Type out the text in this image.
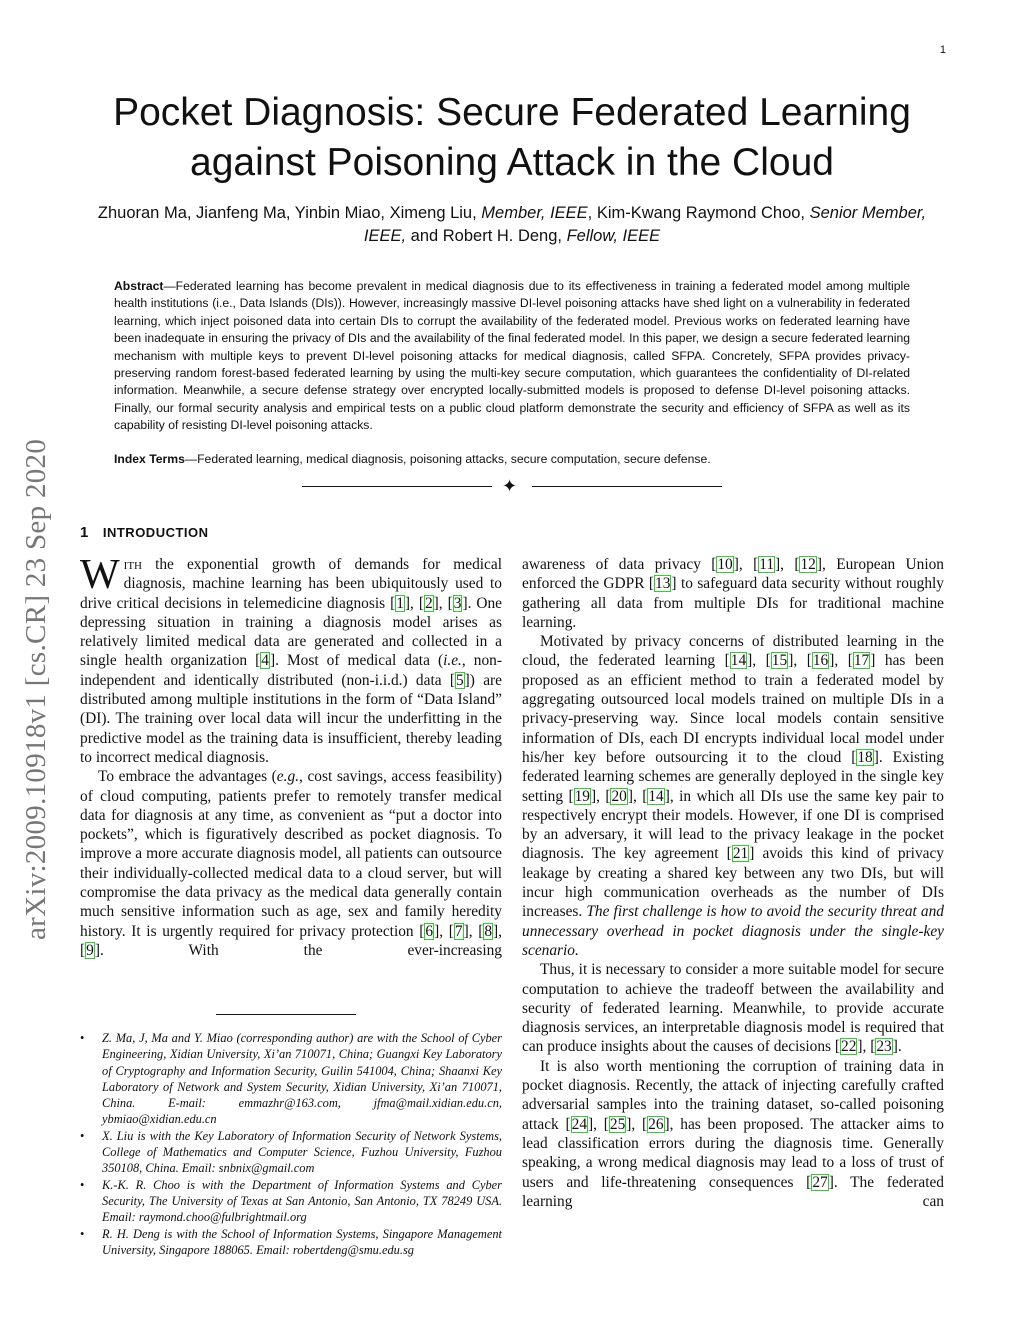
1
Pocket Diagnosis: Secure Federated Learning against Poisoning Attack in the Cloud
Zhuoran Ma, Jianfeng Ma, Yinbin Miao, Ximeng Liu, Member, IEEE, Kim-Kwang Raymond Choo, Senior Member, IEEE, and Robert H. Deng, Fellow, IEEE
Abstract—Federated learning has become prevalent in medical diagnosis due to its effectiveness in training a federated model among multiple health institutions (i.e., Data Islands (DIs)). However, increasingly massive DI-level poisoning attacks have shed light on a vulnerability in federated learning, which inject poisoned data into certain DIs to corrupt the availability of the federated model. Previous works on federated learning have been inadequate in ensuring the privacy of DIs and the availability of the final federated model. In this paper, we design a secure federated learning mechanism with multiple keys to prevent DI-level poisoning attacks for medical diagnosis, called SFPA. Concretely, SFPA provides privacy-preserving random forest-based federated learning by using the multi-key secure computation, which guarantees the confidentiality of DI-related information. Meanwhile, a secure defense strategy over encrypted locally-submitted models is proposed to defense DI-level poisoning attacks. Finally, our formal security analysis and empirical tests on a public cloud platform demonstrate the security and efficiency of SFPA as well as its capability of resisting DI-level poisoning attacks.
Index Terms—Federated learning, medical diagnosis, poisoning attacks, secure computation, secure defense.
✦
arXiv:2009.10918v1 [cs.CR] 23 Sep 2020 1 INTRODUCTION

With the exponential growth of demands for medical diagnosis, machine learning has been ubiquitously used to drive critical decisions in telemedicine diagnosis [1], [2], [3]. One depressing situation in training a diagnosis model arises as relatively limited medical data are generated and collected in a single health organization [4]. Most of medical data (i.e., non-independent and identically distributed (non-i.i.d.) data [5]) are distributed among multiple institutions in the form of “Data Island” (DI). The training over local data will incur the underfitting in the predictive model as the training data is insufficient, thereby leading to incorrect medical diagnosis.

To embrace the advantages (e.g., cost savings, access feasibility) of cloud computing, patients prefer to remotely transfer medical data for diagnosis at any time, as convenient as “put a doctor into pockets”, which is figuratively described as pocket diagnosis. To improve a more accurate diagnosis model, all patients can outsource their individually-collected medical data to a cloud server, but will compromise the data privacy as the medical data generally contain much sensitive information such as age, sex and family heredity history. It is urgently required for privacy protection [6], [7], [8], [9]. With the ever-increasing

• Z. Ma, J, Ma and Y. Miao (corresponding author) are with the School of Cyber Engineering, Xidian University, Xi’an 710071, China; Guangxi Key Laboratory of Cryptography and Information Security, Guilin 541004, China; Shaanxi Key Laboratory of Network and System Security, Xidian University, Xi’an 710071, China. E-mail: emmazhr@163.com, jfma@mail.xidian.edu.cn, ybmiao@xidian.edu.cn
• X. Liu is with the Key Laboratory of Information Security of Network Systems, College of Mathematics and Computer Science, Fuzhou University, Fuzhou 350108, China. Email: snbnix@gmail.com
• K.-K. R. Choo is with the Department of Information Systems and Cyber Security, The University of Texas at San Antonio, San Antonio, TX 78249 USA. Email: raymond.choo@fulbrightmail.org
• R. H. Deng is with the School of Information Systems, Singapore Management University, Singapore 188065. Email: robertdeng@smu.edu.sg

awareness of data privacy [10], [11], [12], European Union enforced the GDPR [13] to safeguard data security without roughly gathering all data from multiple DIs for traditional machine learning.

Motivated by privacy concerns of distributed learning in the cloud, the federated learning [14], [15], [16], [17] has been proposed as an efficient method to train a federated model by aggregating outsourced local models trained on multiple DIs in a privacy-preserving way. Since local models contain sensitive information of DIs, each DI encrypts individual local model under his/her key before outsourcing it to the cloud [18]. Existing federated learning schemes are generally deployed in the single key setting [19], [20], [14], in which all DIs use the same key pair to respectively encrypt their models. However, if one DI is comprised by an adversary, it will lead to the privacy leakage in the pocket diagnosis. The key agreement [21] avoids this kind of privacy leakage by creating a shared key between any two DIs, but will incur high communication overheads as the number of DIs increases. The first challenge is how to avoid the security threat and unnecessary overhead in pocket diagnosis under the single-key scenario.

Thus, it is necessary to consider a more suitable model for secure computation to achieve the tradeoff between the availability and security of federated learning. Meanwhile, to provide accurate diagnosis services, an interpretable diagnosis model is required that can produce insights about the causes of decisions [22], [23].

It is also worth mentioning the corruption of training data in pocket diagnosis. Recently, the attack of injecting carefully crafted adversarial samples into the training dataset, so-called poisoning attack [24], [25], [26], has been proposed. The attacker aims to lead classification errors during the diagnosis time. Generally speaking, a wrong medical diagnosis may lead to a loss of trust of users and life-threatening consequences [27]. The federated learning can
